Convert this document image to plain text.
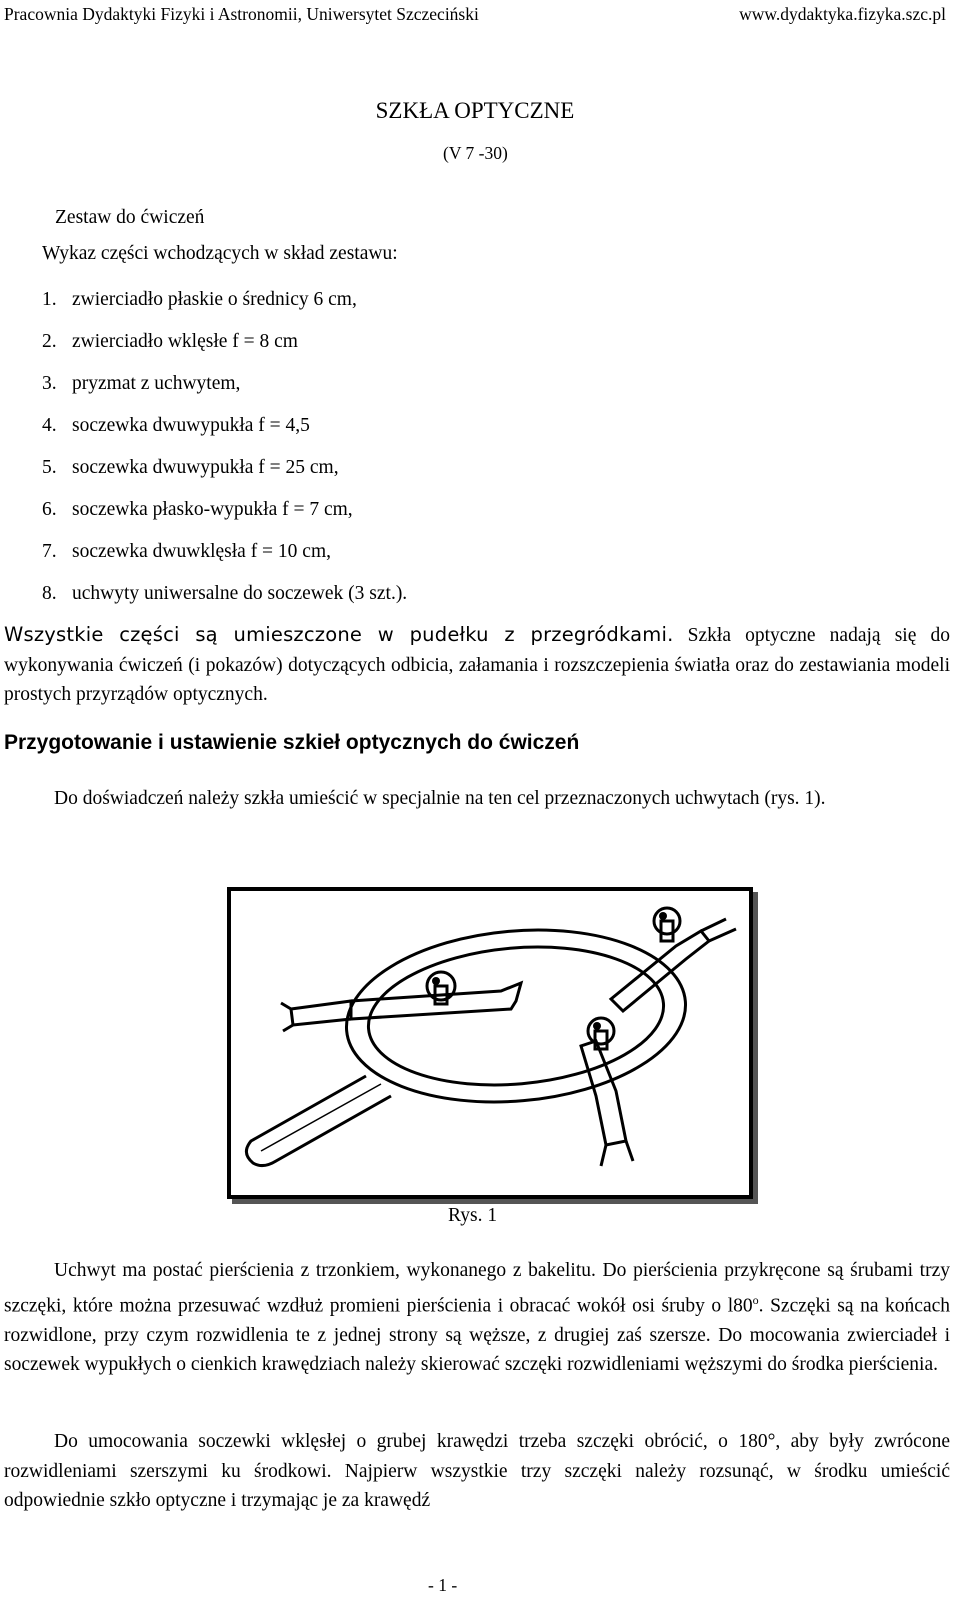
Pracownia Dydaktyki Fizyki i Astronomii, Uniwersytet Szczeciński	www.dydaktyka.fizyka.szc.pl
SZKŁA OPTYCZNE
(V 7 -30)
Zestaw do ćwiczeń
Wykaz części wchodzących w skład zestawu:
1. zwierciadło płaskie o średnicy 6 cm,
2. zwierciadło wklęsłe f = 8 cm
3. pryzmat z uchwytem,
4. soczewka dwuwypukła f = 4,5
5. soczewka dwuwypukła f = 25 cm,
6. soczewka płasko-wypukła f = 7 cm,
7. soczewka dwuwklęsła f = 10 cm,
8. uchwyty uniwersalne do soczewek (3 szt.).
Wszystkie części są umieszczone w pudełku z przegródkami. Szkła optyczne nadają się do wykonywania ćwiczeń (i pokazów) dotyczących odbicia, załamania i rozszczepienia światła oraz do zestawiania modeli prostych przyrządów optycznych.
Przygotowanie i ustawienie szkieł optycznych do ćwiczeń
Do doświadczeń należy szkła umieścić w specjalnie na ten cel przeznaczonych uchwytach (rys. 1).
Rys. 1
Uchwyt ma postać pierścienia z trzonkiem, wykonanego z bakelitu. Do pierścienia przykręcone są śrubami trzy szczęki, które można przesuwać wzdłuż promieni pierścienia i obracać wokół osi śruby o l80$^o$. Szczęki są na końcach rozwidlone, przy czym rozwidlenia te z jednej strony są węższe, z drugiej zaś szersze. Do mocowania zwierciadeł i soczewek wypukłych o cienkich krawędziach należy skierować szczęki rozwidleniami węższymi do środka pierścienia.
Do umocowania soczewki wklęsłej o grubej krawędzi trzeba szczęki obrócić, o 180°, aby były zwrócone rozwidleniami szerszymi ku środkowi. Najpierw wszystkie trzy szczęki należy rozsunąć, w środku umieścić odpowiednie szkło optyczne i trzymając je za krawędź
- 1 -
